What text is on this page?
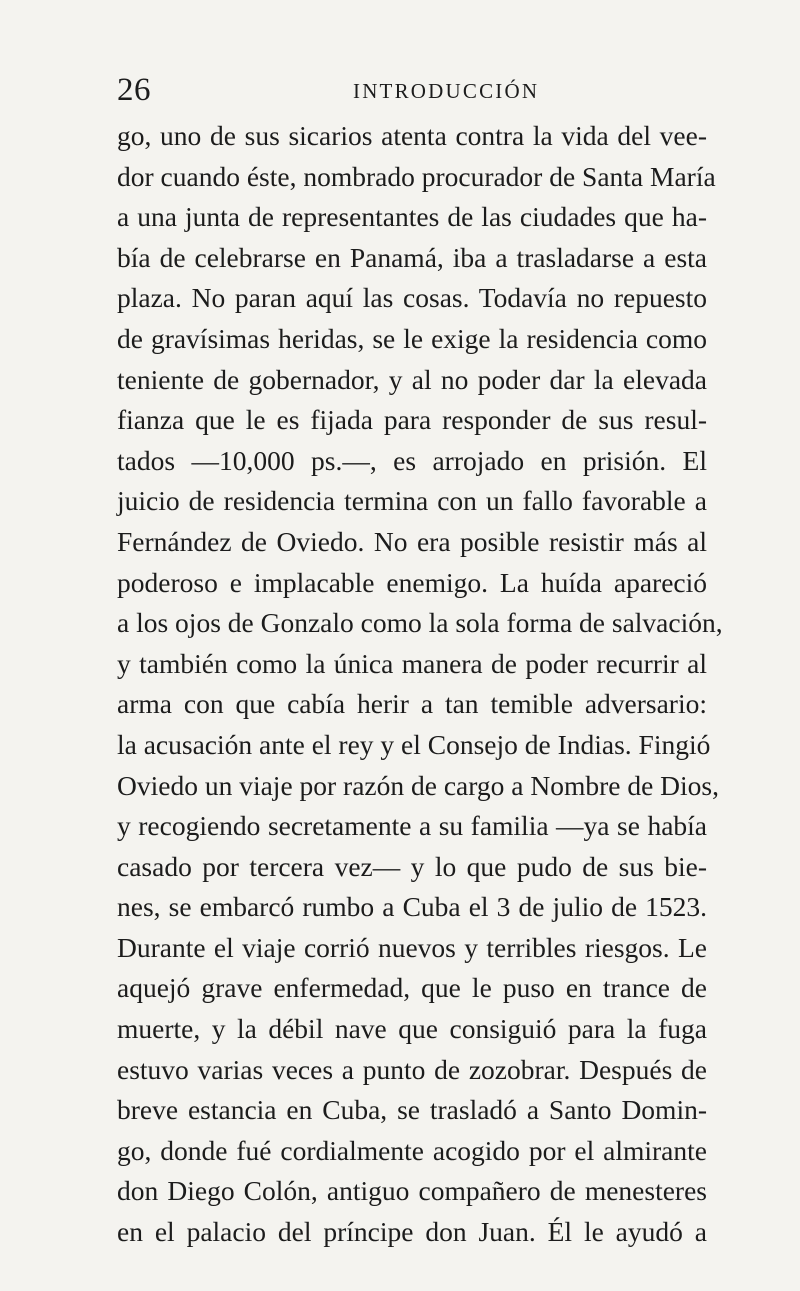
26	INTRODUCCIÓN
go, uno de sus sicarios atenta contra la vida del vee-
dor cuando éste, nombrado procurador de Santa María
a una junta de representantes de las ciudades que ha-
bía de celebrarse en Panamá, iba a trasladarse a esta
plaza. No paran aquí las cosas. Todavía no repuesto
de gravísimas heridas, se le exige la residencia como
teniente de gobernador, y al no poder dar la elevada
fianza que le es fijada para responder de sus resul-
tados —10,000 ps.—, es arrojado en prisión. El
juicio de residencia termina con un fallo favorable a
Fernández de Oviedo. No era posible resistir más al
poderoso e implacable enemigo. La huída apareció
a los ojos de Gonzalo como la sola forma de salvación,
y también como la única manera de poder recurrir al
arma con que cabía herir a tan temible adversario:
la acusación ante el rey y el Consejo de Indias. Fingió
Oviedo un viaje por razón de cargo a Nombre de Dios,
y recogiendo secretamente a su familia —ya se había
casado por tercera vez— y lo que pudo de sus bie-
nes, se embarcó rumbo a Cuba el 3 de julio de 1523.
Durante el viaje corrió nuevos y terribles riesgos. Le
aquejó grave enfermedad, que le puso en trance de
muerte, y la débil nave que consiguió para la fuga
estuvo varias veces a punto de zozobrar. Después de
breve estancia en Cuba, se trasladó a Santo Domin-
go, donde fué cordialmente acogido por el almirante
don Diego Colón, antiguo compañero de menesteres
en el palacio del príncipe don Juan. Él le ayudó a
